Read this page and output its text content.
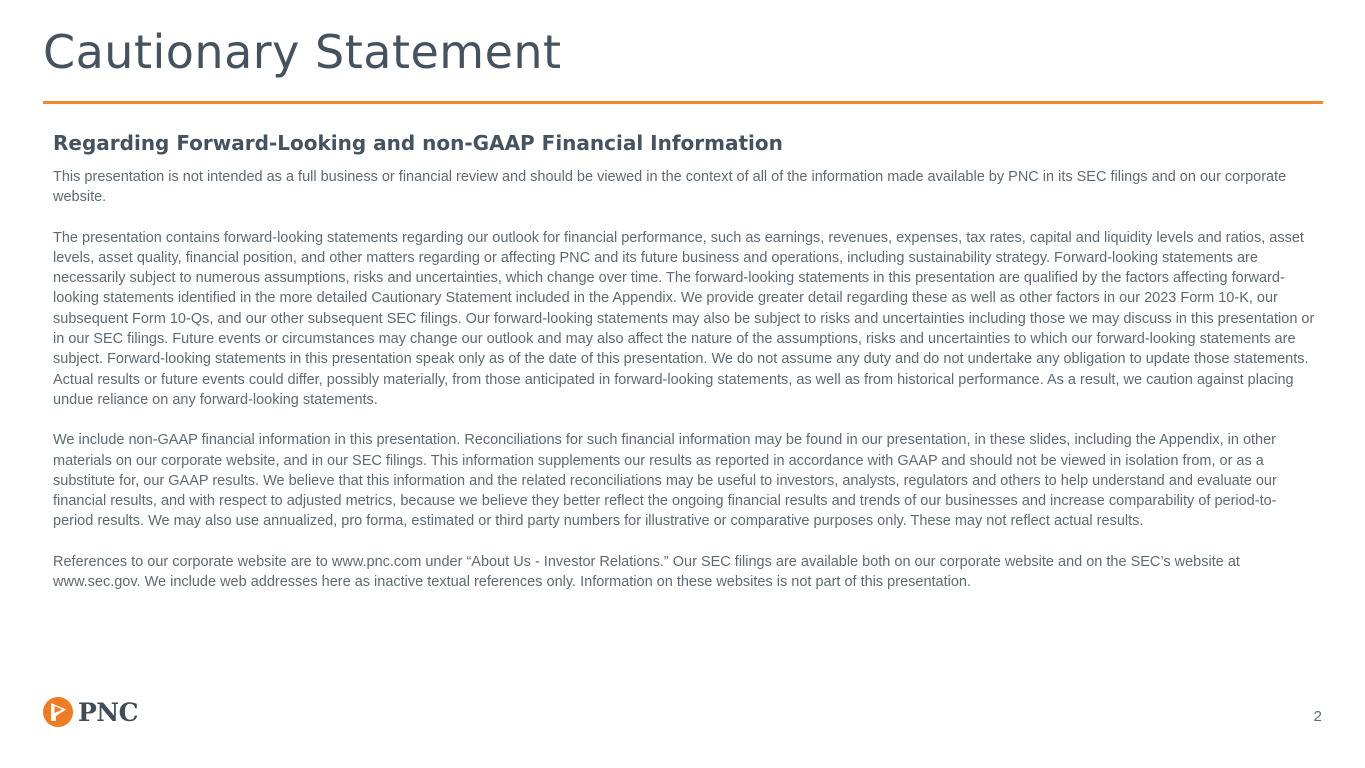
Cautionary Statement
Regarding Forward-Looking and non-GAAP Financial Information

This presentation is not intended as a full business or financial review and should be viewed in the context of all of the information made available by PNC in its SEC filings and on our corporate website.

The presentation contains forward-looking statements regarding our outlook for financial performance, such as earnings, revenues, expenses, tax rates, capital and liquidity levels and ratios, asset levels, asset quality, financial position, and other matters regarding or affecting PNC and its future business and operations, including sustainability strategy. Forward-looking statements are necessarily subject to numerous assumptions, risks and uncertainties, which change over time. The forward-looking statements in this presentation are qualified by the factors affecting forward-looking statements identified in the more detailed Cautionary Statement included in the Appendix. We provide greater detail regarding these as well as other factors in our 2023 Form 10-K, our subsequent Form 10-Qs, and our other subsequent SEC filings. Our forward-looking statements may also be subject to risks and uncertainties including those we may discuss in this presentation or in our SEC filings. Future events or circumstances may change our outlook and may also affect the nature of the assumptions, risks and uncertainties to which our forward-looking statements are subject. Forward-looking statements in this presentation speak only as of the date of this presentation. We do not assume any duty and do not undertake any obligation to update those statements. Actual results or future events could differ, possibly materially, from those anticipated in forward-looking statements, as well as from historical performance. As a result, we caution against placing undue reliance on any forward-looking statements.

We include non-GAAP financial information in this presentation. Reconciliations for such financial information may be found in our presentation, in these slides, including the Appendix, in other materials on our corporate website, and in our SEC filings. This information supplements our results as reported in accordance with GAAP and should not be viewed in isolation from, or as a substitute for, our GAAP results. We believe that this information and the related reconciliations may be useful to investors, analysts, regulators and others to help understand and evaluate our financial results, and with respect to adjusted metrics, because we believe they better reflect the ongoing financial results and trends of our businesses and increase comparability of period-to-period results. We may also use annualized, pro forma, estimated or third party numbers for illustrative or comparative purposes only. These may not reflect actual results.

References to our corporate website are to www.pnc.com under “About Us - Investor Relations.” Our SEC filings are available both on our corporate website and on the SEC’s website at www.sec.gov. We include web addresses here as inactive textual references only. Information on these websites is not part of this presentation.

PNC	2
